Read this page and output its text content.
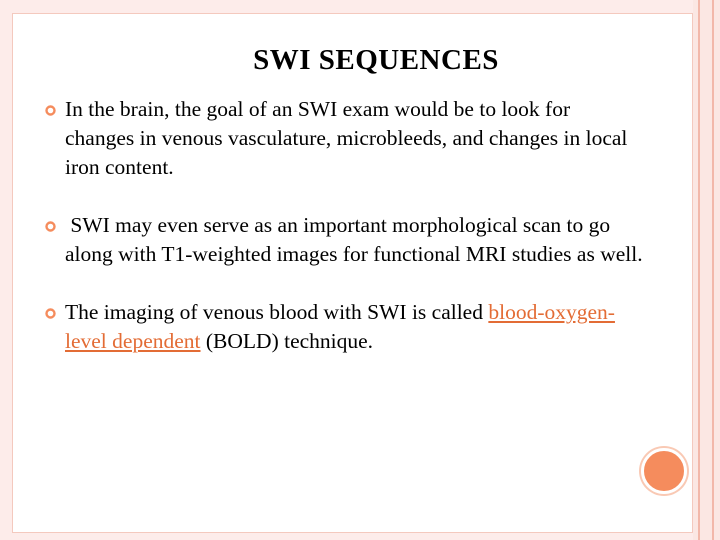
SWI SEQUENCES
In the brain, the goal of an SWI exam would be to look for changes in venous vasculature, microbleeds, and changes in local iron content.
SWI may even serve as an important morphological scan to go along with T1-weighted images for functional MRI studies as well.
The imaging of venous blood with SWI is called blood-oxygen-level dependent (BOLD) technique.
